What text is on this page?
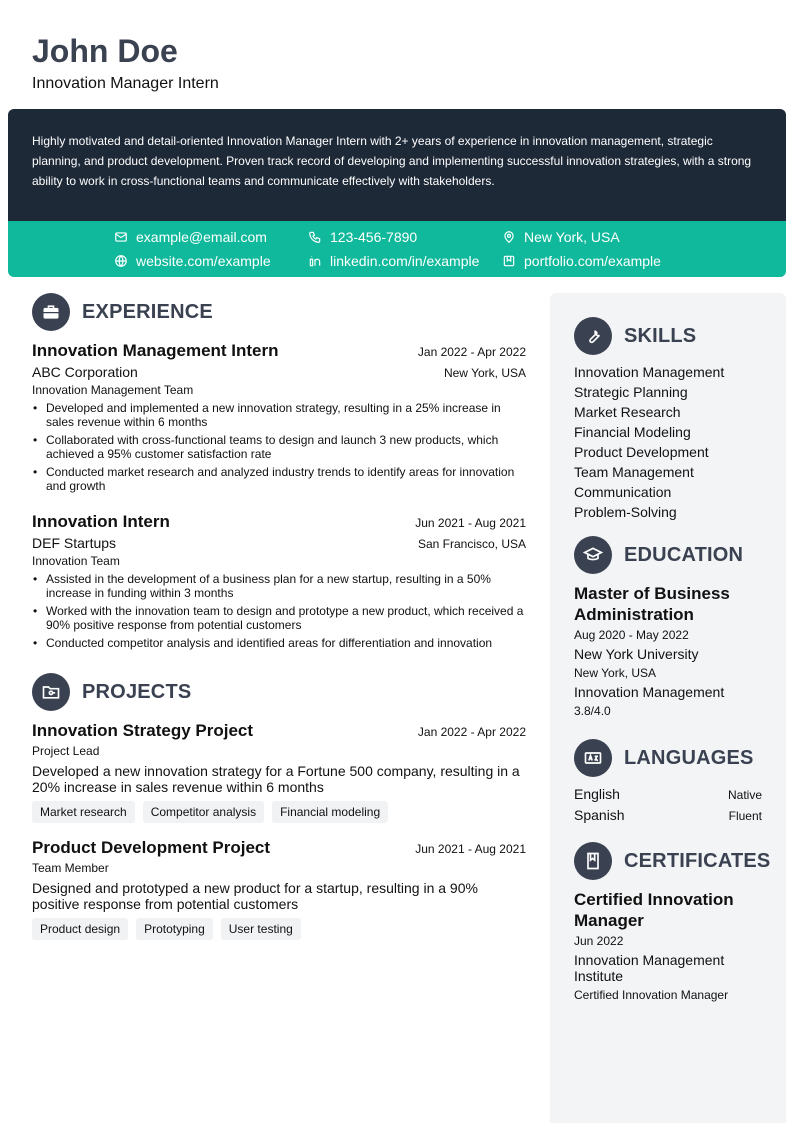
John Doe
Innovation Manager Intern
Highly motivated and detail-oriented Innovation Manager Intern with 2+ years of experience in innovation management, strategic planning, and product development. Proven track record of developing and implementing successful innovation strategies, with a strong ability to work in cross-functional teams and communicate effectively with stakeholders.
example@email.com	123-456-7890	New York, USA
website.com/example	linkedin.com/in/example	portfolio.com/example
EXPERIENCE
Innovation Management Intern	Jan 2022 - Apr 2022
ABC Corporation	New York, USA
Innovation Management Team
• Developed and implemented a new innovation strategy, resulting in a 25% increase in sales revenue within 6 months
• Collaborated with cross-functional teams to design and launch 3 new products, which achieved a 95% customer satisfaction rate
• Conducted market research and analyzed industry trends to identify areas for innovation and growth
Innovation Intern	Jun 2021 - Aug 2021
DEF Startups	San Francisco, USA
Innovation Team
• Assisted in the development of a business plan for a new startup, resulting in a 50% increase in funding within 3 months
• Worked with the innovation team to design and prototype a new product, which received a 90% positive response from potential customers
• Conducted competitor analysis and identified areas for differentiation and innovation
PROJECTS
Innovation Strategy Project	Jan 2022 - Apr 2022
Project Lead
Developed a new innovation strategy for a Fortune 500 company, resulting in a 20% increase in sales revenue within 6 months
Market research	Competitor analysis	Financial modeling
Product Development Project	Jun 2021 - Aug 2021
Team Member
Designed and prototyped a new product for a startup, resulting in a 90% positive response from potential customers
Product design	Prototyping	User testing
SKILLS
Innovation Management
Strategic Planning
Market Research
Financial Modeling
Product Development
Team Management
Communication
Problem-Solving
EDUCATION
Master of Business Administration
Aug 2020 - May 2022
New York University
New York, USA
Innovation Management
3.8/4.0
LANGUAGES
English	Native
Spanish	Fluent
CERTIFICATES
Certified Innovation Manager
Jun 2022
Innovation Management Institute
Certified Innovation Manager
